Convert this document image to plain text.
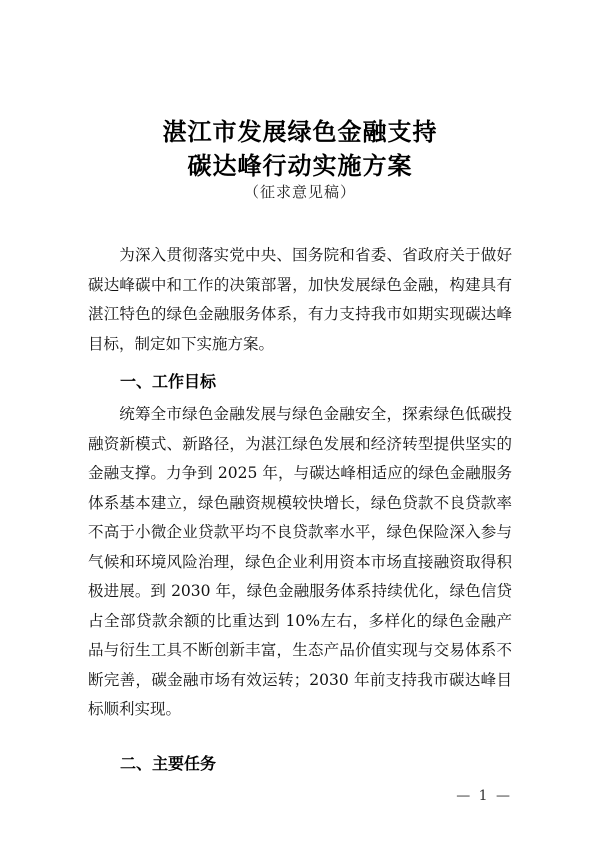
湛江市发展绿色金融支持
碳达峰行动实施方案
（征求意见稿）

为深入贯彻落实党中央、国务院和省委、省政府关于做好碳达峰碳中和工作的决策部署，加快发展绿色金融，构建具有湛江特色的绿色金融服务体系，有力支持我市如期实现碳达峰目标，制定如下实施方案。

一、工作目标

统筹全市绿色金融发展与绿色金融安全，探索绿色低碳投融资新模式、新路径，为湛江绿色发展和经济转型提供坚实的金融支撑。力争到 2025 年，与碳达峰相适应的绿色金融服务体系基本建立，绿色融资规模较快增长，绿色贷款不良贷款率不高于小微企业贷款平均不良贷款率水平，绿色保险深入参与气候和环境风险治理，绿色企业利用资本市场直接融资取得积极进展。到 2030 年，绿色金融服务体系持续优化，绿色信贷占全部贷款余额的比重达到 10%左右，多样化的绿色金融产品与衍生工具不断创新丰富，生态产品价值实现与交易体系不断完善，碳金融市场有效运转；2030 年前支持我市碳达峰目标顺利实现。

二、主要任务
— 1 —
